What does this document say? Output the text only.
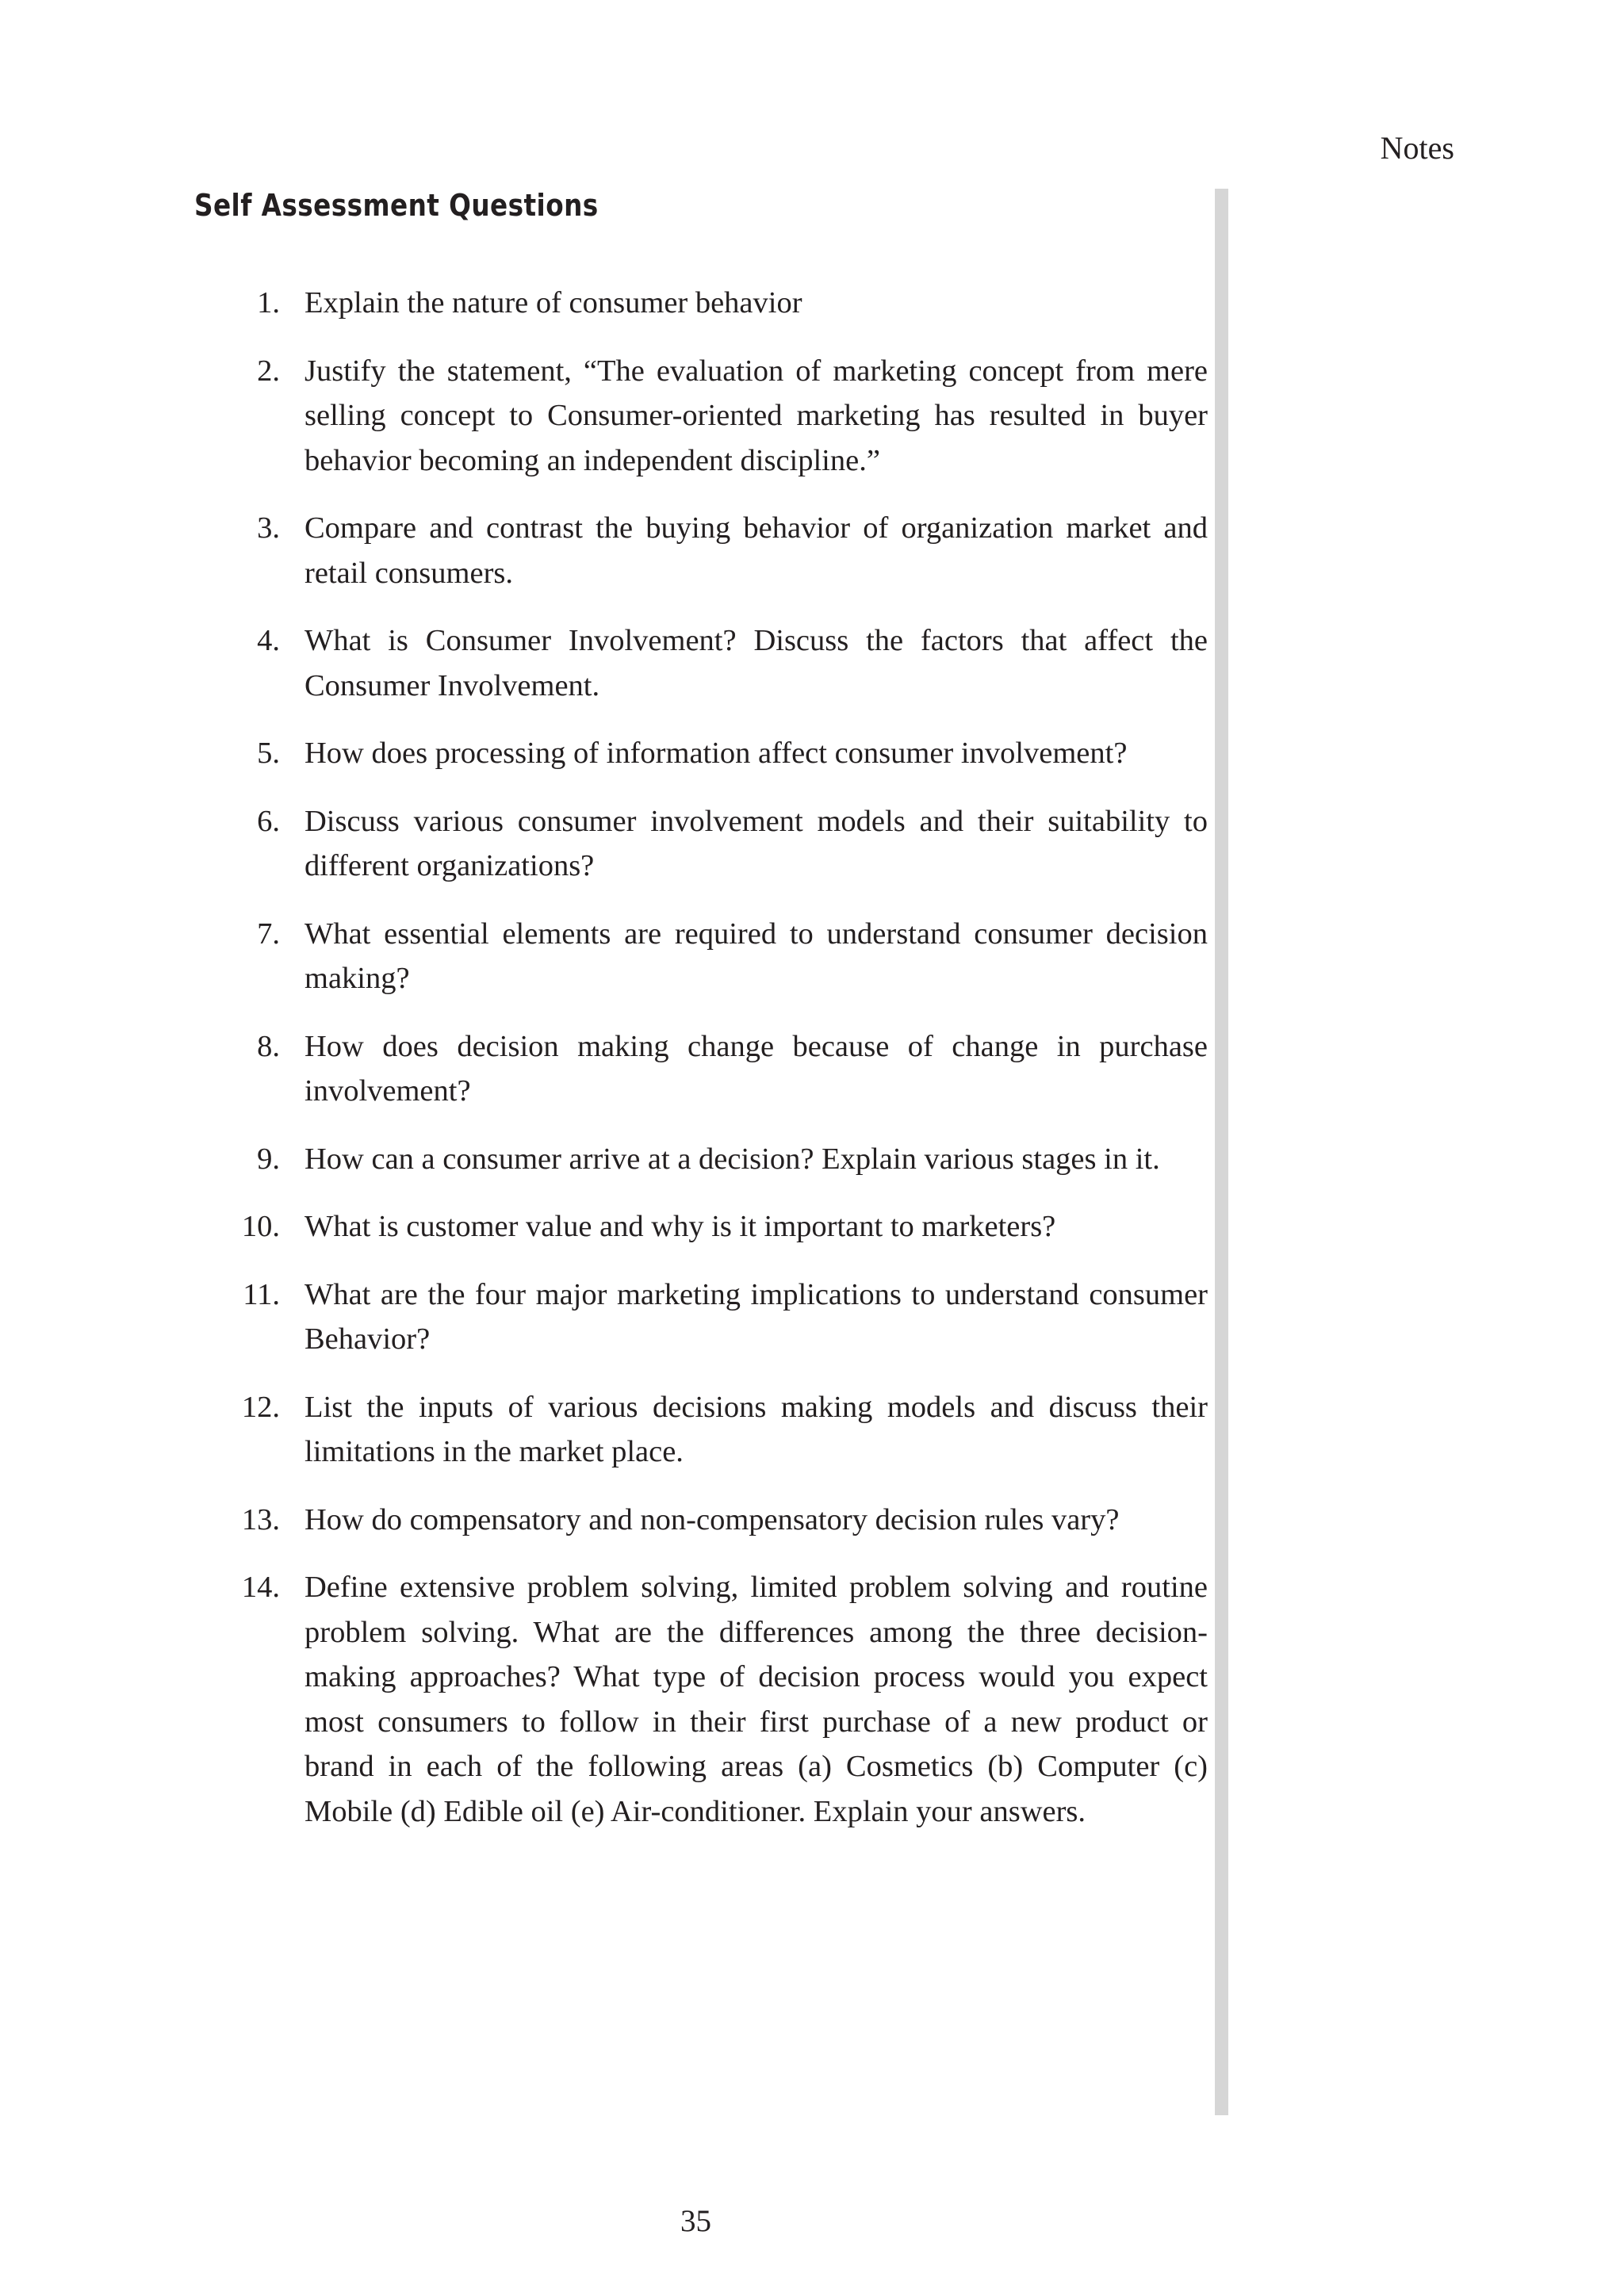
Notes
Self Assessment Questions
1. Explain the nature of consumer behavior
2. Justify the statement, “The evaluation of marketing concept from mere selling concept to Consumer-oriented marketing has resulted in buyer behavior becoming an independent discipline.”
3. Compare and contrast the buying behavior of organization market and retail consumers.
4. What is Consumer Involvement? Discuss the factors that affect the Consumer Involvement.
5. How does processing of information affect consumer involvement?
6. Discuss various consumer involvement models and their suitability to different organizations?
7. What essential elements are required to understand consumer decision making?
8. How does decision making change because of change in purchase involvement?
9. How can a consumer arrive at a decision? Explain various stages in it.
10. What is customer value and why is it important to marketers?
11. What are the four major marketing implications to understand consumer Behavior?
12. List the inputs of various decisions making models and discuss their limitations in the market place.
13. How do compensatory and non-compensatory decision rules vary?
14. Define extensive problem solving, limited problem solving and routine problem solving. What are the differences among the three decision-making approaches? What type of decision process would you expect most consumers to follow in their first purchase of a new product or brand in each of the following areas (a) Cosmetics (b) Computer (c) Mobile (d) Edible oil (e) Air-conditioner. Explain your answers.
35
